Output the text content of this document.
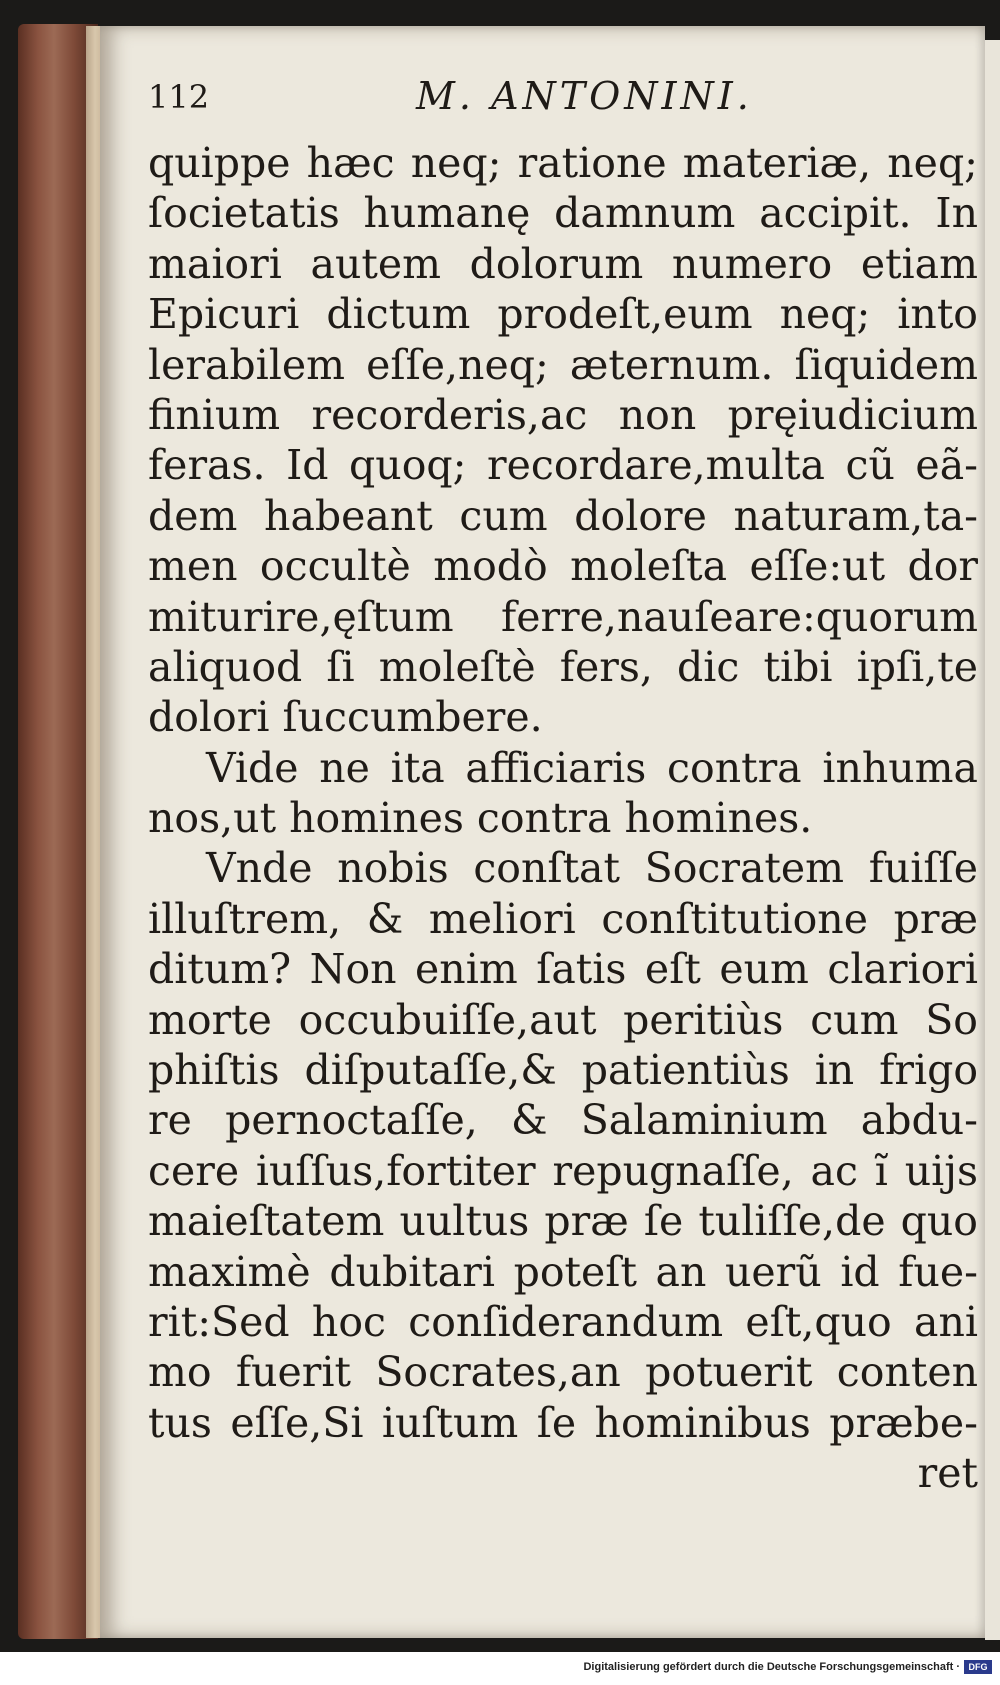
112	M. ANTONINI.
quippe hæc neq; ratione materiæ, neq;
ſocietatis humanę damnum accipit. In
maiori autem dolorum numero etiam
Epicuri dictum prodeſt,eum neq; into
lerabilem eſſe,neq; æternum. ſiquidem
finium recorderis,ac non pręiudicium
feras. Id quoq; recordare,multa cũ eã-
dem habeant cum dolore naturam,ta-
men occultè modò moleſta eſſe:ut dor
miturire,ęſtum ferre,nauſeare:quorum
aliquod ſi moleſtè fers, dic tibi ipſi,te
dolori ſuccumbere.
Vide ne ita afficiaris contra inhuma
nos,ut homines contra homines.
Vnde nobis conſtat Socratem fuiſſe
illuſtrem, & meliori conſtitutione præ
ditum? Non enim ſatis eſt eum clariori
morte occubuiſſe,aut peritiùs cum So
phiſtis diſputaſſe,& patientiùs in frigo
re pernoctaſſe, & Salaminium abdu-
cere iuſſus,fortiter repugnaſſe, ac ĩ uijs
maieſtatem uultus præ ſe tuliſſe,de quo
maximè dubitari poteſt an uerũ id fue-
rit:Sed hoc conſiderandum eſt,quo ani
mo fuerit Socrates,an potuerit conten
tus eſſe,Si iuſtum ſe hominibus præbe-
ret
Digitalisierung gefördert durch die Deutsche Forschungsgemeinschaft · DFG
